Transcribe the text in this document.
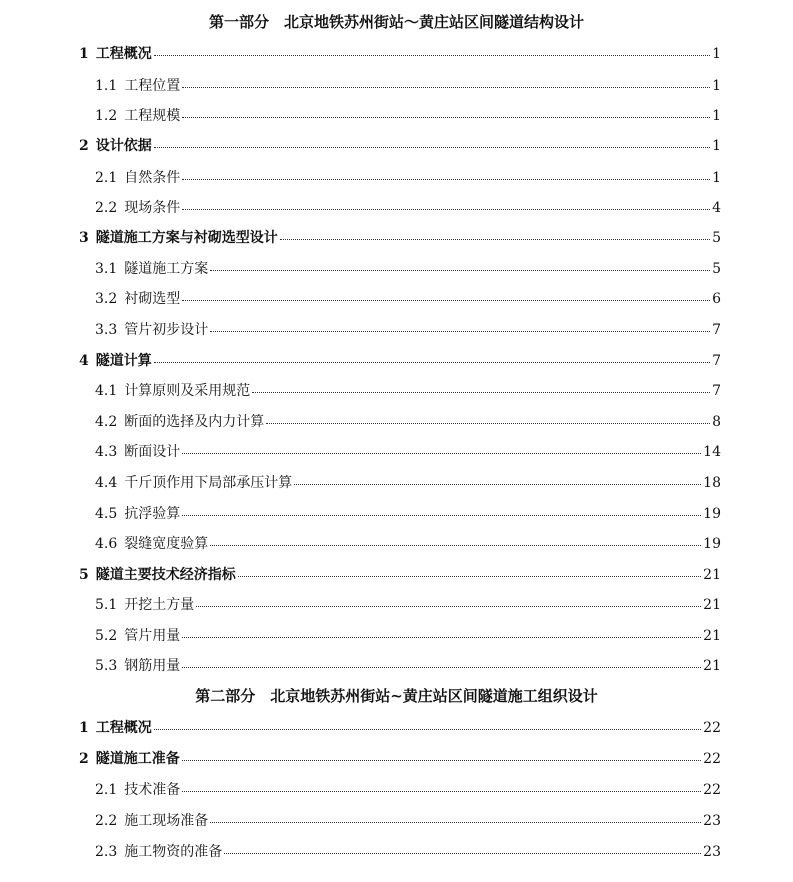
第一部分　北京地铁苏州街站～黄庄站区间隧道结构设计
1 工程概况	1
1.1 工程位置	1
1.2 工程规模	1
2 设计依据	1
2.1 自然条件	1
2.2 现场条件	4
3 隧道施工方案与衬砌选型设计	5
3.1 隧道施工方案	5
3.2 衬砌选型	6
3.3 管片初步设计	7
4 隧道计算	7
4.1 计算原则及采用规范	7
4.2 断面的选择及内力计算	8
4.3 断面设计	14
4.4 千斤顶作用下局部承压计算	18
4.5 抗浮验算	19
4.6 裂缝宽度验算	19
5 隧道主要技术经济指标	21
5.1 开挖土方量	21
5.2 管片用量	21
5.3 钢筋用量	21
第二部分　北京地铁苏州街站~黄庄站区间隧道施工组织设计
1 工程概况	22
2 隧道施工准备	22
2.1 技术准备	22
2.2 施工现场准备	23
2.3 施工物资的准备	23
